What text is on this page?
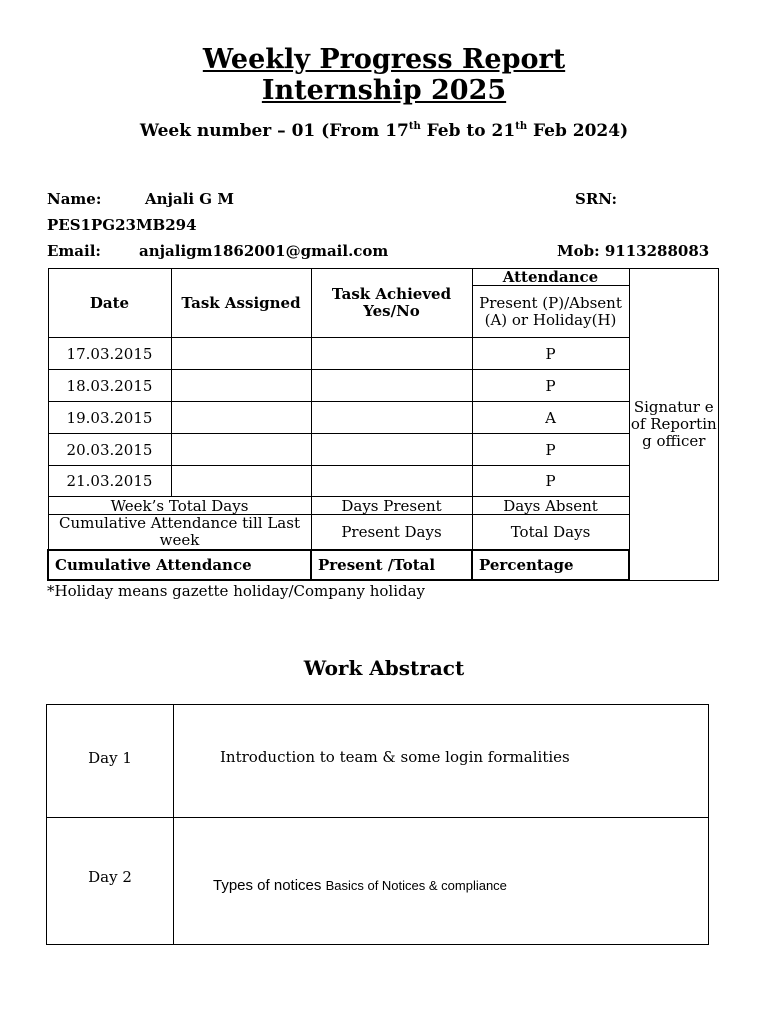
Weekly Progress Report
Internship 2025
Week number – 01 (From 17th Feb to 21th Feb 2024)
Name:	Anjali G M	SRN:
PES1PG23MB294
Email:	anjaligm1862001@gmail.com	Mob: 9113288083
Date	Task Assigned	Task Achieved Yes/No	Attendance	Signatur e of Reportin g officer
			Present (P)/Absent (A) or Holiday(H)	
17.03.2015			P	
18.03.2015			P	
19.03.2015			A	
20.03.2015			P	
21.03.2015			P	
Week’s Total Days		Days Present	Days Absent	
Cumulative Attendance till Last week		Present Days	Total Days	
Cumulative Attendance		Present /Total	Percentage	
*Holiday means gazette holiday/Company holiday
Work Abstract
Day 1	Introduction to team & some login formalities
Day 2	Types of notices Basics of Notices & compliance
